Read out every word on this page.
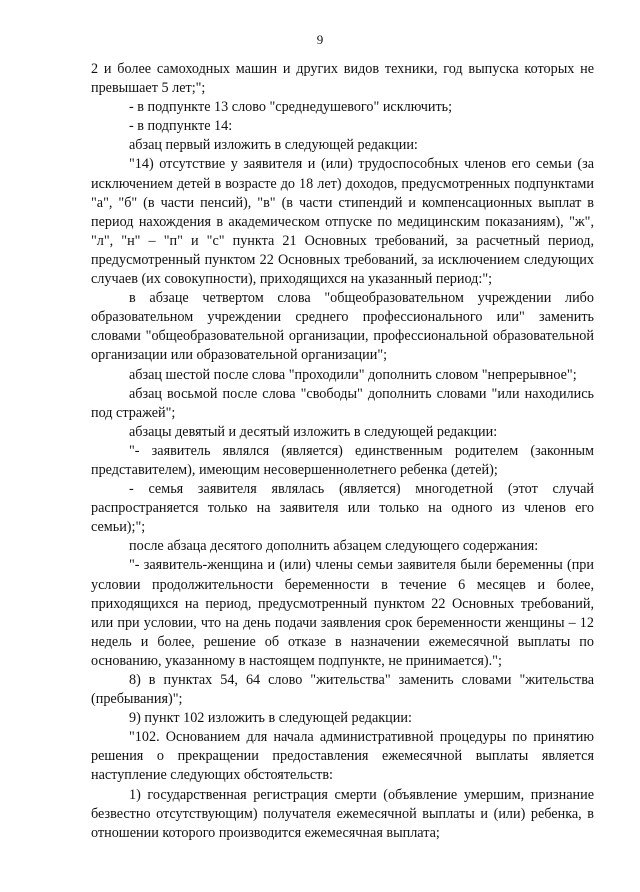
9

2 и более самоходных машин и других видов техники, год выпуска которых не превышает 5 лет;";

- в подпункте 13 слово "среднедушевого" исключить;

- в подпункте 14:

абзац первый изложить в следующей редакции:

"14) отсутствие у заявителя и (или) трудоспособных членов его семьи (за исключением детей в возрасте до 18 лет) доходов, предусмотренных подпунктами "а", "б" (в части пенсий), "в" (в части стипендий и компенсационных выплат в период нахождения в академическом отпуске по медицинским показаниям), "ж", "л", "н" – "п" и "с" пункта 21 Основных требований, за расчетный период, предусмотренный пунктом 22 Основных требований, за исключением следующих случаев (их совокупности), приходящихся на указанный период:";

в абзаце четвертом слова "общеобразовательном учреждении либо образовательном учреждении среднего профессионального или" заменить словами "общеобразовательной организации, профессиональной образовательной организации или образовательной организации";

абзац шестой после слова "проходили" дополнить словом "непрерывное";

абзац восьмой после слова "свободы" дополнить словами "или находились под стражей";

абзацы девятый и десятый изложить в следующей редакции:

"- заявитель являлся (является) единственным родителем (законным представителем), имеющим несовершеннолетнего ребенка (детей);

- семья заявителя являлась (является) многодетной (этот случай распространяется только на заявителя или только на одного из членов его семьи);";

после абзаца десятого дополнить абзацем следующего содержания:

"- заявитель-женщина и (или) члены семьи заявителя были беременны (при условии продолжительности беременности в течение 6 месяцев и более, приходящихся на период, предусмотренный пунктом 22 Основных требований, или при условии, что на день подачи заявления срок беременности женщины – 12 недель и более, решение об отказе в назначении ежемесячной выплаты по основанию, указанному в настоящем подпункте, не принимается).";

8) в пунктах 54, 64 слово "жительства" заменить словами "жительства (пребывания)";

9) пункт 102 изложить в следующей редакции:

"102. Основанием для начала административной процедуры по принятию решения о прекращении предоставления ежемесячной выплаты является наступление следующих обстоятельств:

1) государственная регистрация смерти (объявление умершим, признание безвестно отсутствующим) получателя ежемесячной выплаты и (или) ребенка, в отношении которого производится ежемесячная выплата;
